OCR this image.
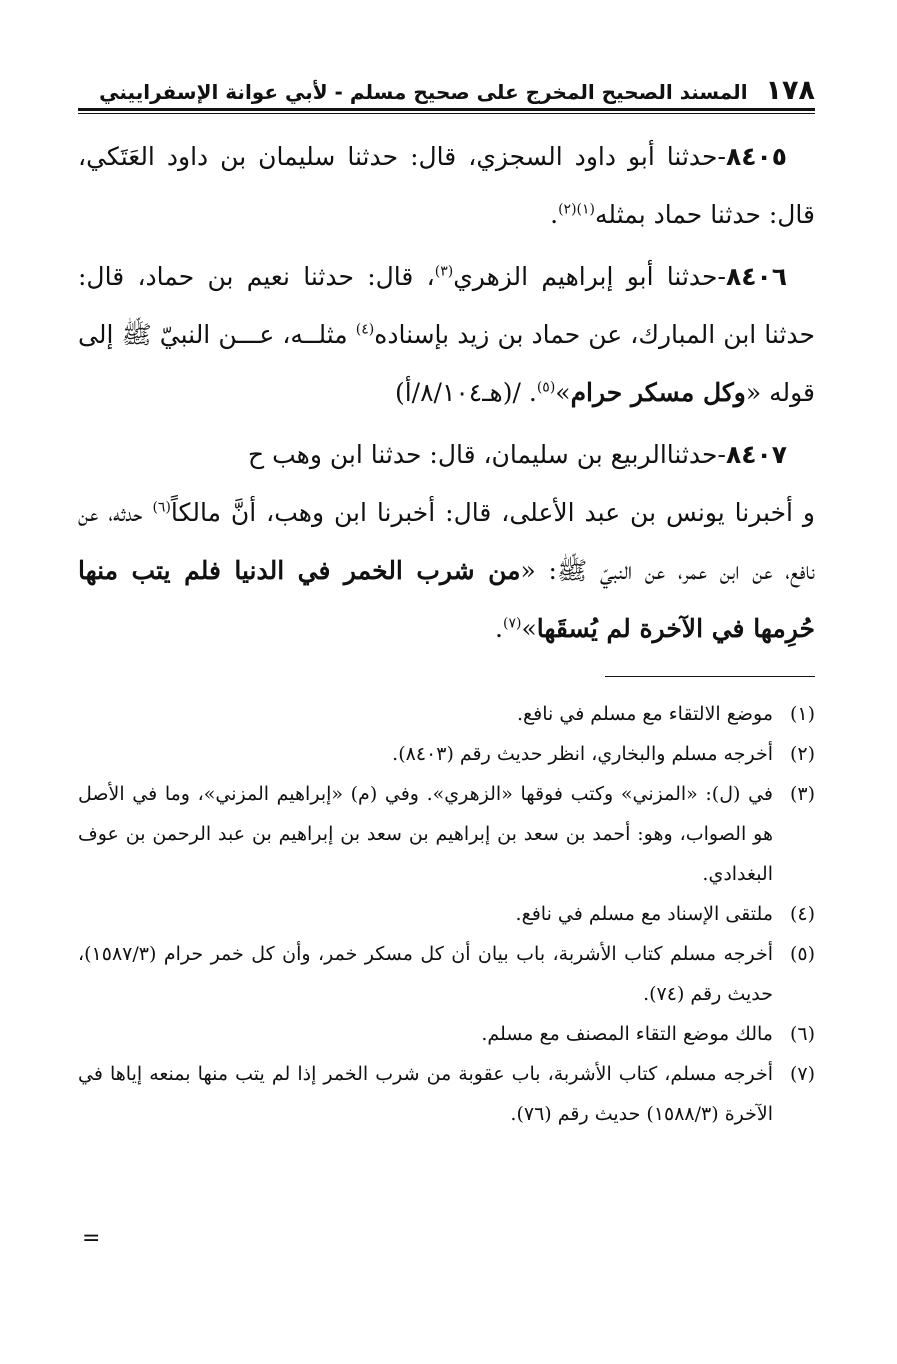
١٧٨
المسند الصحيح المخرج على صحيح مسلم - لأبي عوانة الإسفراييني

٨٤٠٥-حدثنا أبو داود السجزي، قال: حدثنا سليمان بن داود العَتَكي، قال: حدثنا حماد بمثله$^{(١)(٢)}$.

٨٤٠٦-حدثنا أبو إبراهيم الزهري$^{(٣)}$، قال: حدثنا نعيم بن حماد، قال: حدثنا ابن المبارك، عن حماد بن زيد بإسناده$^{(٤)}$ مثلــه، عـــن النبيّ ﷺ إلى قوله «وكل مسكر حرام»$^{(٥)}$. /(هـ٨/١٠٤/أ)

٨٤٠٧-حدثناالربيع بن سليمان، قال: حدثنا ابن وهب ح
و أخبرنا يونس بن عبد الأعلى، قال: أخبرنا ابن وهب، أنَّ مالكاً$^{(٦)}$ حدثه، عن نافع، عن ابن عمر، عن النبيّ ﷺ: «من شرب الخمر في الدنيا فلم يتب منها حُرِمها في الآخرة لم يُسقَها»$^{(٧)}$.

(١)موضع الالتقاء مع مسلم في نافع.

(٢)أخرجه مسلم والبخاري، انظر حديث رقم (٨٤٠٣).

(٣)في (ل): «المزني» وكتب فوقها «الزهري». وفي (م) «إبراهيم المزني»، وما في الأصل هو الصواب، وهو: أحمد بن سعد بن إبراهيم بن سعد بن إبراهيم بن عبد الرحمن بن عوف البغدادي.

(٤)ملتقى الإسناد مع مسلم في نافع.

(٥)أخرجه مسلم كتاب الأشربة، باب بيان أن كل مسكر خمر، وأن كل خمر حرام (١٥٨٧/٣)، حديث رقم (٧٤).

(٦)مالك موضع التقاء المصنف مع مسلم.

(٧)أخرجه مسلم، كتاب الأشربة، باب عقوبة من شرب الخمر إذا لم يتب منها بمنعه إياها في الآخرة (١٥٨٨/٣) حديث رقم (٧٦).

=
